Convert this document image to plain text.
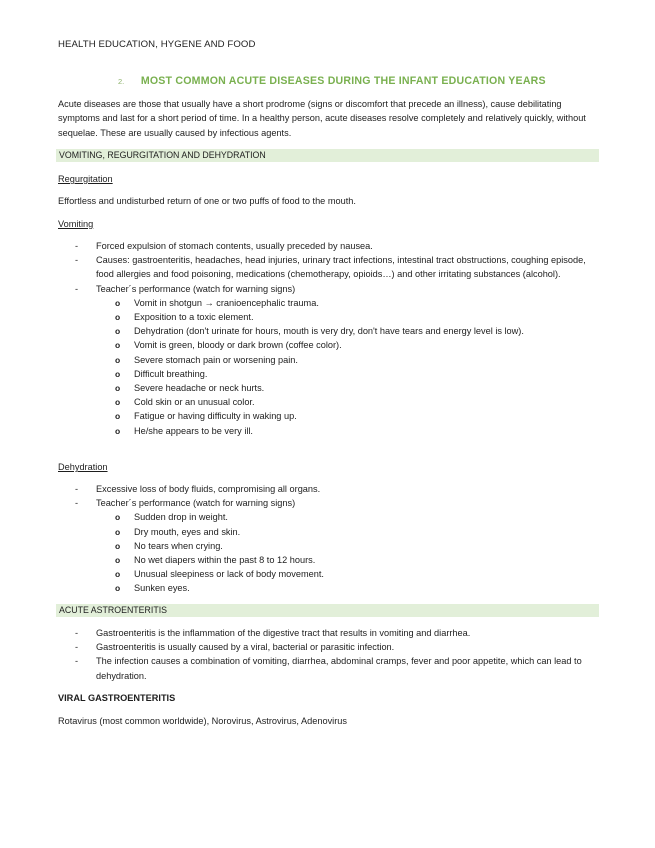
HEALTH EDUCATION, HYGENE AND FOOD
2. MOST COMMON ACUTE DISEASES DURING THE INFANT EDUCATION YEARS
Acute diseases are those that usually have a short prodrome (signs or discomfort that precede an illness), cause debilitating symptoms and last for a short period of time. In a healthy person, acute diseases resolve completely and relatively quickly, without sequelae. These are usually caused by infectious agents.
VOMITING, REGURGITATION AND DEHYDRATION
Regurgitation
Effortless and undisturbed return of one or two puffs of food to the mouth.
Vomiting
- Forced expulsion of stomach contents, usually preceded by nausea.
- Causes: gastroenteritis, headaches, head injuries, urinary tract infections, intestinal tract obstructions, coughing episode, food allergies and food poisoning, medications (chemotherapy, opioids…) and other irritating substances (alcohol).
- Teacher´s performance (watch for warning signs)
o Vomit in shotgun → cranioencephalic trauma.
o Exposition to a toxic element.
o Dehydration (don't urinate for hours, mouth is very dry, don't have tears and energy level is low).
o Vomit is green, bloody or dark brown (coffee color).
o Severe stomach pain or worsening pain.
o Difficult breathing.
o Severe headache or neck hurts.
o Cold skin or an unusual color.
o Fatigue or having difficulty in waking up.
o He/she appears to be very ill.
Dehydration
- Excessive loss of body fluids, compromising all organs.
- Teacher´s performance (watch for warning signs)
o Sudden drop in weight.
o Dry mouth, eyes and skin.
o No tears when crying.
o No wet diapers within the past 8 to 12 hours.
o Unusual sleepiness or lack of body movement.
o Sunken eyes.
ACUTE ASTROENTERITIS
- Gastroenteritis is the inflammation of the digestive tract that results in vomiting and diarrhea.
- Gastroenteritis is usually caused by a viral, bacterial or parasitic infection.
- The infection causes a combination of vomiting, diarrhea, abdominal cramps, fever and poor appetite, which can lead to dehydration.
VIRAL GASTROENTERITIS
Rotavirus (most common worldwide), Norovirus, Astrovirus, Adenovirus
